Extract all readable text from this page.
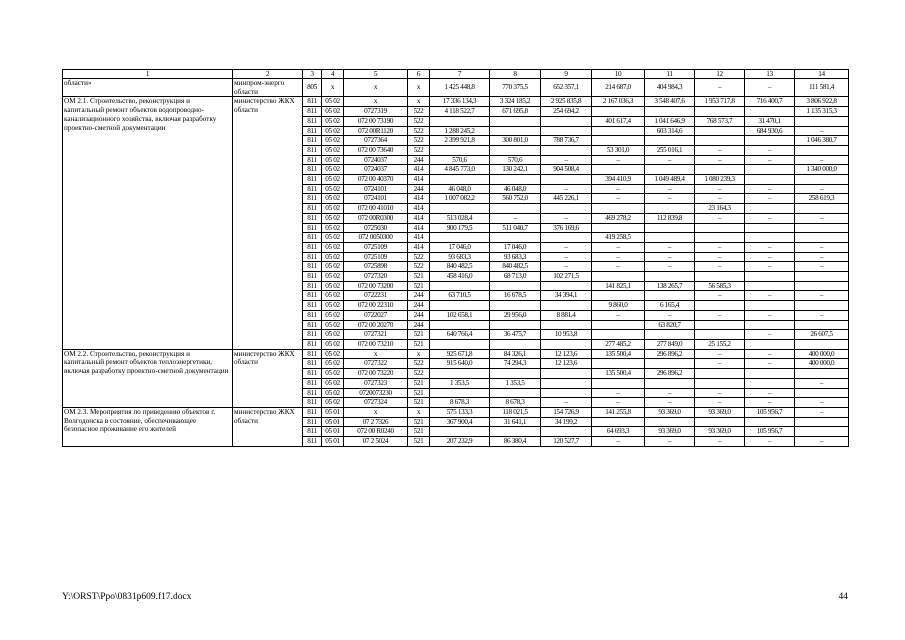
1	2	3	4	5	6	7	8	9	10	11	12	13	14
области»	минпром-энерго области	805	x	x	x	1 425 448,8	770 375,5	652 357,1	214 687,0	404 984,3	–	–	111 581,4
ОМ 2.1. Строительство, реконструкция и капитальный ремонт объектов водопроводно-канализационного хозяйства, включая разработку проектно-сметной документации	министерство ЖКХ области	811	05 02	x	x	17 336 134,3	3 324 185,2	2 925 835,8	2 167 036,3	3 548 407,6	1 953 717,8	716 400,7	3 806 922,8
		811	05 02	0727319	522	4 118 522,7	671 695,8	254 694,2					1 135 315,3
		811	05 02	072 00 73190	522				401 617,4	1 041 646,9	768 573,7	31 470,1	
		811	05 02	072 00R1120	522	1 288 245,2				603 314,6		684 930,6	–
		811	05 02	0727364	522	2 399 921,8	300 801,0	788 736,7					1 046 380,7
		811	05 02	072 00 73640	522				53 301,0	255 016,1	–	–	
		811	05 02	0724037	244	570,6	570,6	–	–	–	–	–	–
		811	05 02	0724037	414	4 845 773,0	130 242,1	904 508,4					1 340 000,0
		811	05 02	072 00 40370	414				394 410,9	1 049 489,4	1 080 239,3		
		811	05 02	0724101	244	46 048,0	46 048,0	–	–	–	–	–	–
		811	05 02	0724101	414	1 007 082,2	560 752,0	445 226,1	–	–	–	–	258 619,3
		811	05 02	072 00 41010	414						23 164,3		
		811	05 02	072 00R0300	414	513 028,4	–	–	469 278,2	112 839,8	–	–	–
		811	05 02	0725030	414	900 179,5	511 040,7	376 169,6					
		811	05 02	072 0050300	414				419 258,5				
		811	05 02	0725109	414	17 046,0	17 046,0	–	–	–	–	–	–
		811	05 02	0725109	522	93 683,3	93 683,3	–	–	–	–	–	–
		811	05 02	0725898	522	840 482,5	840 482,5	–	–	–	–	–	–
		811	05 02	0727320	521	458 416,0	68 713,0	102 271,5					
		811	05 02	072 00 73200	521				141 825,1	138 265,7	56 585,3		
		811	05 02	0722231	244	63 710,5	16 678,5	34 394,1			–	–	–
		811	05 02	072 00 22310	244				9 860,0	6 165,4			
		811	05 02	0722027	244	102 658,1	29 956,0	8 881,4	–	–	–	–	–
		811	05 02	072 00 20270	244					63 820,7			
		811	05 02	0727321	521	640 766,4	36 475,7	10 953,8				–	26 607,5
		811	05 02	072 00 73210	521				277 485,2	277 849,0	25 155,2		
ОМ 2.2. Строительство, реконструкция и капитальный ремонт объектов теплоэнергетики, включая разработку проектно-сметной документации	министерство ЖКХ области	811	05 02	x	x	925 671,8	84 326,1	12 123,6	135 500,4	296 896,2	–	–	400 000,0
		811	05 02	0727322	522	915 640,0	74 294,3	12 123,6			–	–	400 000,0
		811	05 02	072 00 73220	522				135 500,4	296 896,2			
		811	05 02	0727323	521	1 353,5	1 353,5						–
		811	05 02	0720073230	521				–	–	–	–	
		811	05 02	0727324	521	8 678,3	8 678,3	–	–	–	–	–	–
ОМ 2.3. Мероприятия по приведению объектов г. Волгодонска в состояние, обеспечивающее безопасное проживание его жителей	министерство ЖКХ области	811	05 01	x	x	575 133,3	118 021,5	154 726,9	141 255,8	93 369,0	93 369,0	105 956,7	–
		811	05 01	07 2 7326	521	367 900,4	31 641,1	34 199,2					
		811	05 01	072 00 R0240	521				64 693,3	93 369,0	93 369,0	105 956,7	
		811	05 01	07 2 5024	521	207 232,9	86 380,4	120 527,7	–	–	–	–	–
Y:\ORST\Ppo\0831p609.f17.docx	44
